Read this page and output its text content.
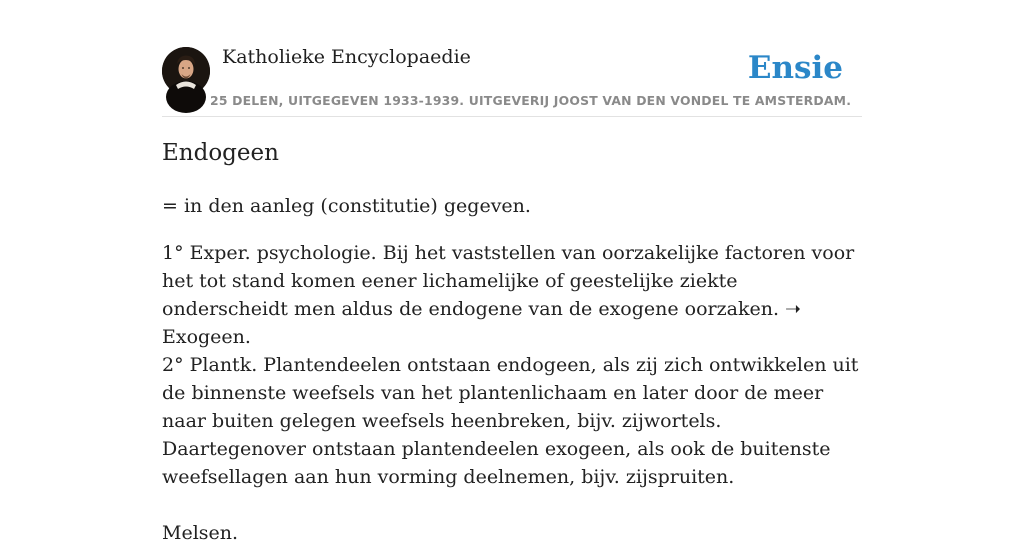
Katholieke Encyclopaedie
25 DELEN, UITGEGEVEN 1933-1939. UITGEVERIJ JOOST VAN DEN VONDEL TE AMSTERDAM.
Ensie
Endogeen

= in den aanleg (constitutie) gegeven.

1° Exper. psychologie. Bij het vaststellen van oorzakelijke factoren voor het tot stand komen eener lichamelijke of geestelijke ziekte onderscheidt men aldus de endogene van de exogene oorzaken. ➝ Exogeen.

2° Plantk. Plantendeelen ontstaan endogeen, als zij zich ontwikkelen uit de binnenste weefsels van het plantenlichaam en later door de meer naar buiten gelegen weefsels heenbreken, bijv. zijwortels. Daartegenover ontstaan plantendeelen exogeen, als ook de buitenste weefsellagen aan hun vorming deelnemen, bijv. zijspruiten.

Melsen.
